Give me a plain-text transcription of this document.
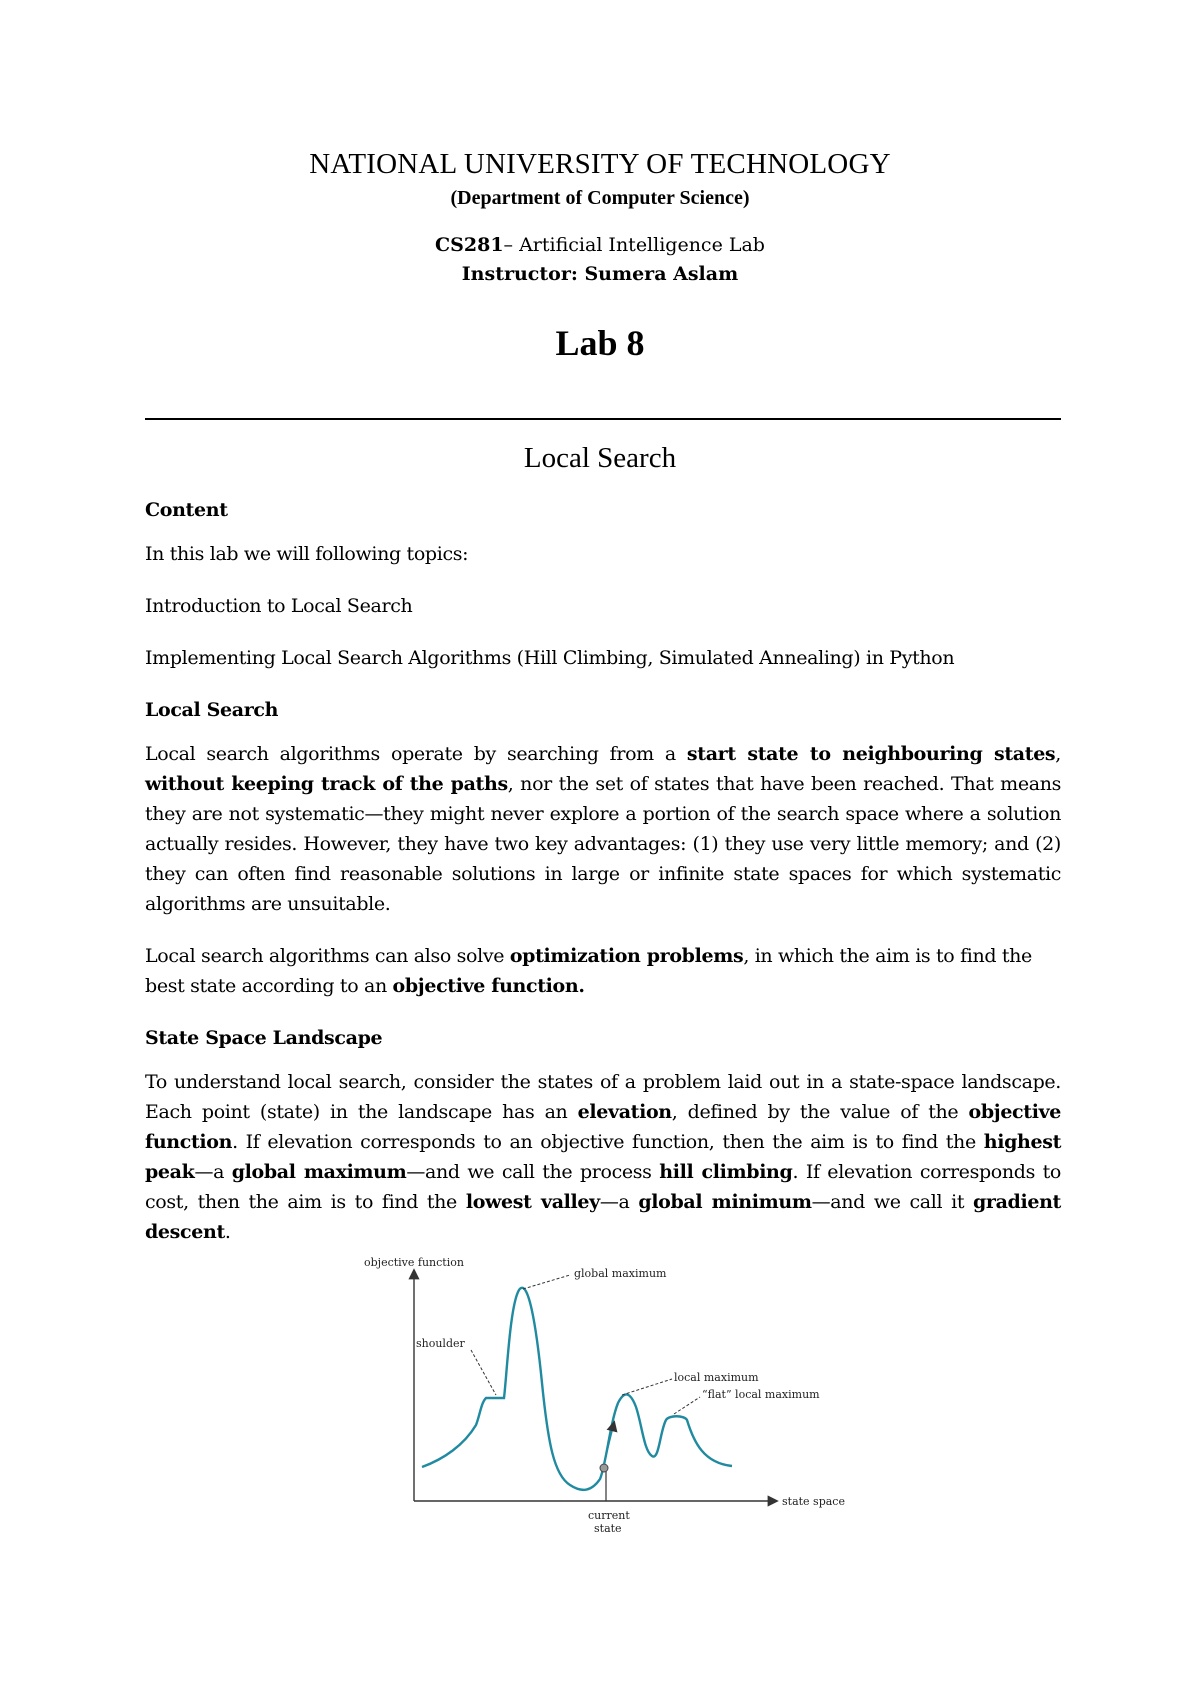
NATIONAL UNIVERSITY OF TECHNOLOGY
(Department of Computer Science)
CS281– Artificial Intelligence Lab
Instructor: Sumera Aslam
Lab 8
Local Search

Content

In this lab we will following topics:

Introduction to Local Search

Implementing Local Search Algorithms (Hill Climbing, Simulated Annealing) in Python

Local Search

Local search algorithms operate by searching from a start state to neighbouring states, without keeping track of the paths, nor the set of states that have been reached. That means they are not systematic—they might never explore a portion of the search space where a solution actually resides. However, they have two key advantages: (1) they use very little memory; and (2) they can often find reasonable solutions in large or infinite state spaces for which systematic algorithms are unsuitable.

Local search algorithms can also solve optimization problems, in which the aim is to find the best state according to an objective function.

State Space Landscape

To understand local search, consider the states of a problem laid out in a state-space landscape. Each point (state) in the landscape has an elevation, defined by the value of the objective function. If elevation corresponds to an objective function, then the aim is to find the highest peak—a global maximum—and we call the process hill climbing. If elevation corresponds to cost, then the aim is to find the lowest valley—a global minimum—and we call it gradient descent.

objective function
state space
current
state
global maximum
shoulder
local maximum
“flat” local maximum
